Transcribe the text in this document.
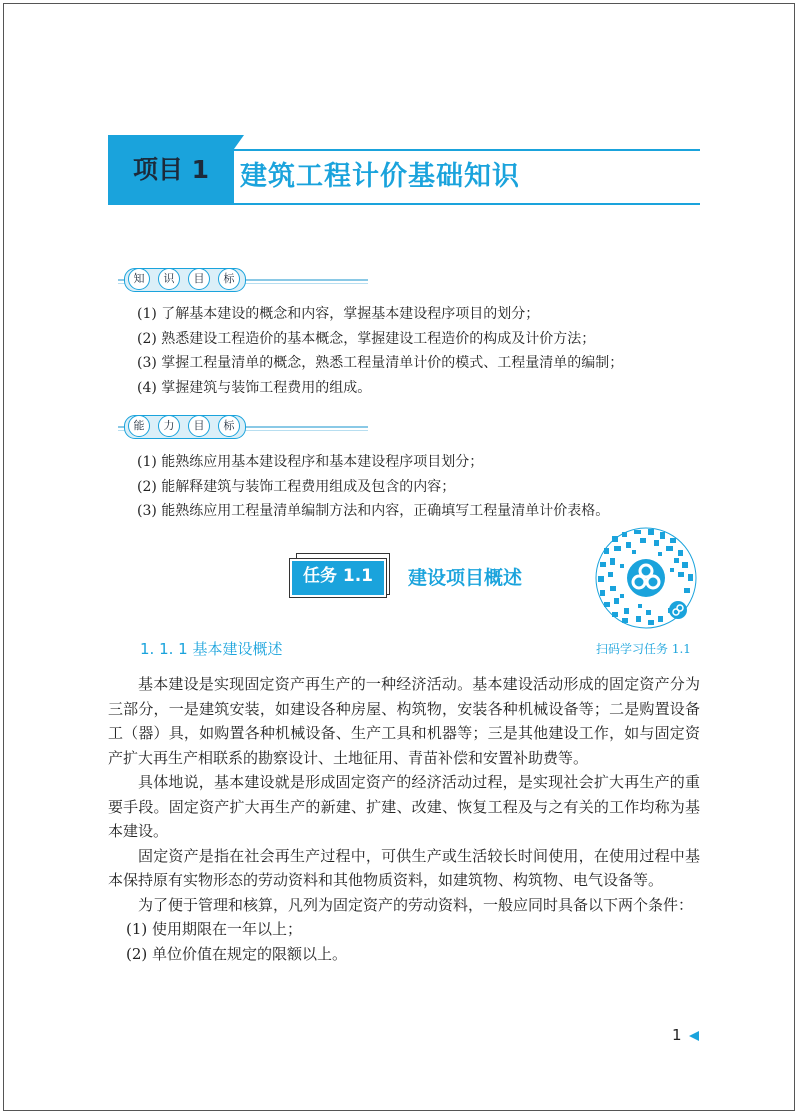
项目 1	建筑工程计价基础知识
知	识	目	标
(1) 了解基本建设的概念和内容，掌握基本建设程序项目的划分；
(2) 熟悉建设工程造价的基本概念，掌握建设工程造价的构成及计价方法；
(3) 掌握工程量清单的概念，熟悉工程量清单计价的模式、工程量清单的编制；
(4) 掌握建筑与装饰工程费用的组成。
能	力	目	标
(1) 能熟练应用基本建设程序和基本建设程序项目划分；
(2) 能解释建筑与装饰工程费用组成及包含的内容；
(3) 能熟练应用工程量清单编制方法和内容，正确填写工程量清单计价表格。
任务 1.1	建设项目概述
扫码学习任务 1.1
1. 1. 1 基本建设概述

基本建设是实现固定资产再生产的一种经济活动。基本建设活动形成的固定资产分为三部分，一是建筑安装，如建设各种房屋、构筑物，安装各种机械设备等；二是购置设备工（器）具，如购置各种机械设备、生产工具和机器等；三是其他建设工作，如与固定资产扩大再生产相联系的勘察设计、土地征用、青苗补偿和安置补助费等。

具体地说，基本建设就是形成固定资产的经济活动过程，是实现社会扩大再生产的重要手段。固定资产扩大再生产的新建、扩建、改建、恢复工程及与之有关的工作均称为基本建设。

固定资产是指在社会再生产过程中，可供生产或生活较长时间使用，在使用过程中基本保持原有实物形态的劳动资料和其他物质资料，如建筑物、构筑物、电气设备等。

为了便于管理和核算，凡列为固定资产的劳动资料，一般应同时具备以下两个条件：

(1) 使用期限在一年以上；

(2) 单位价值在规定的限额以上。

1
